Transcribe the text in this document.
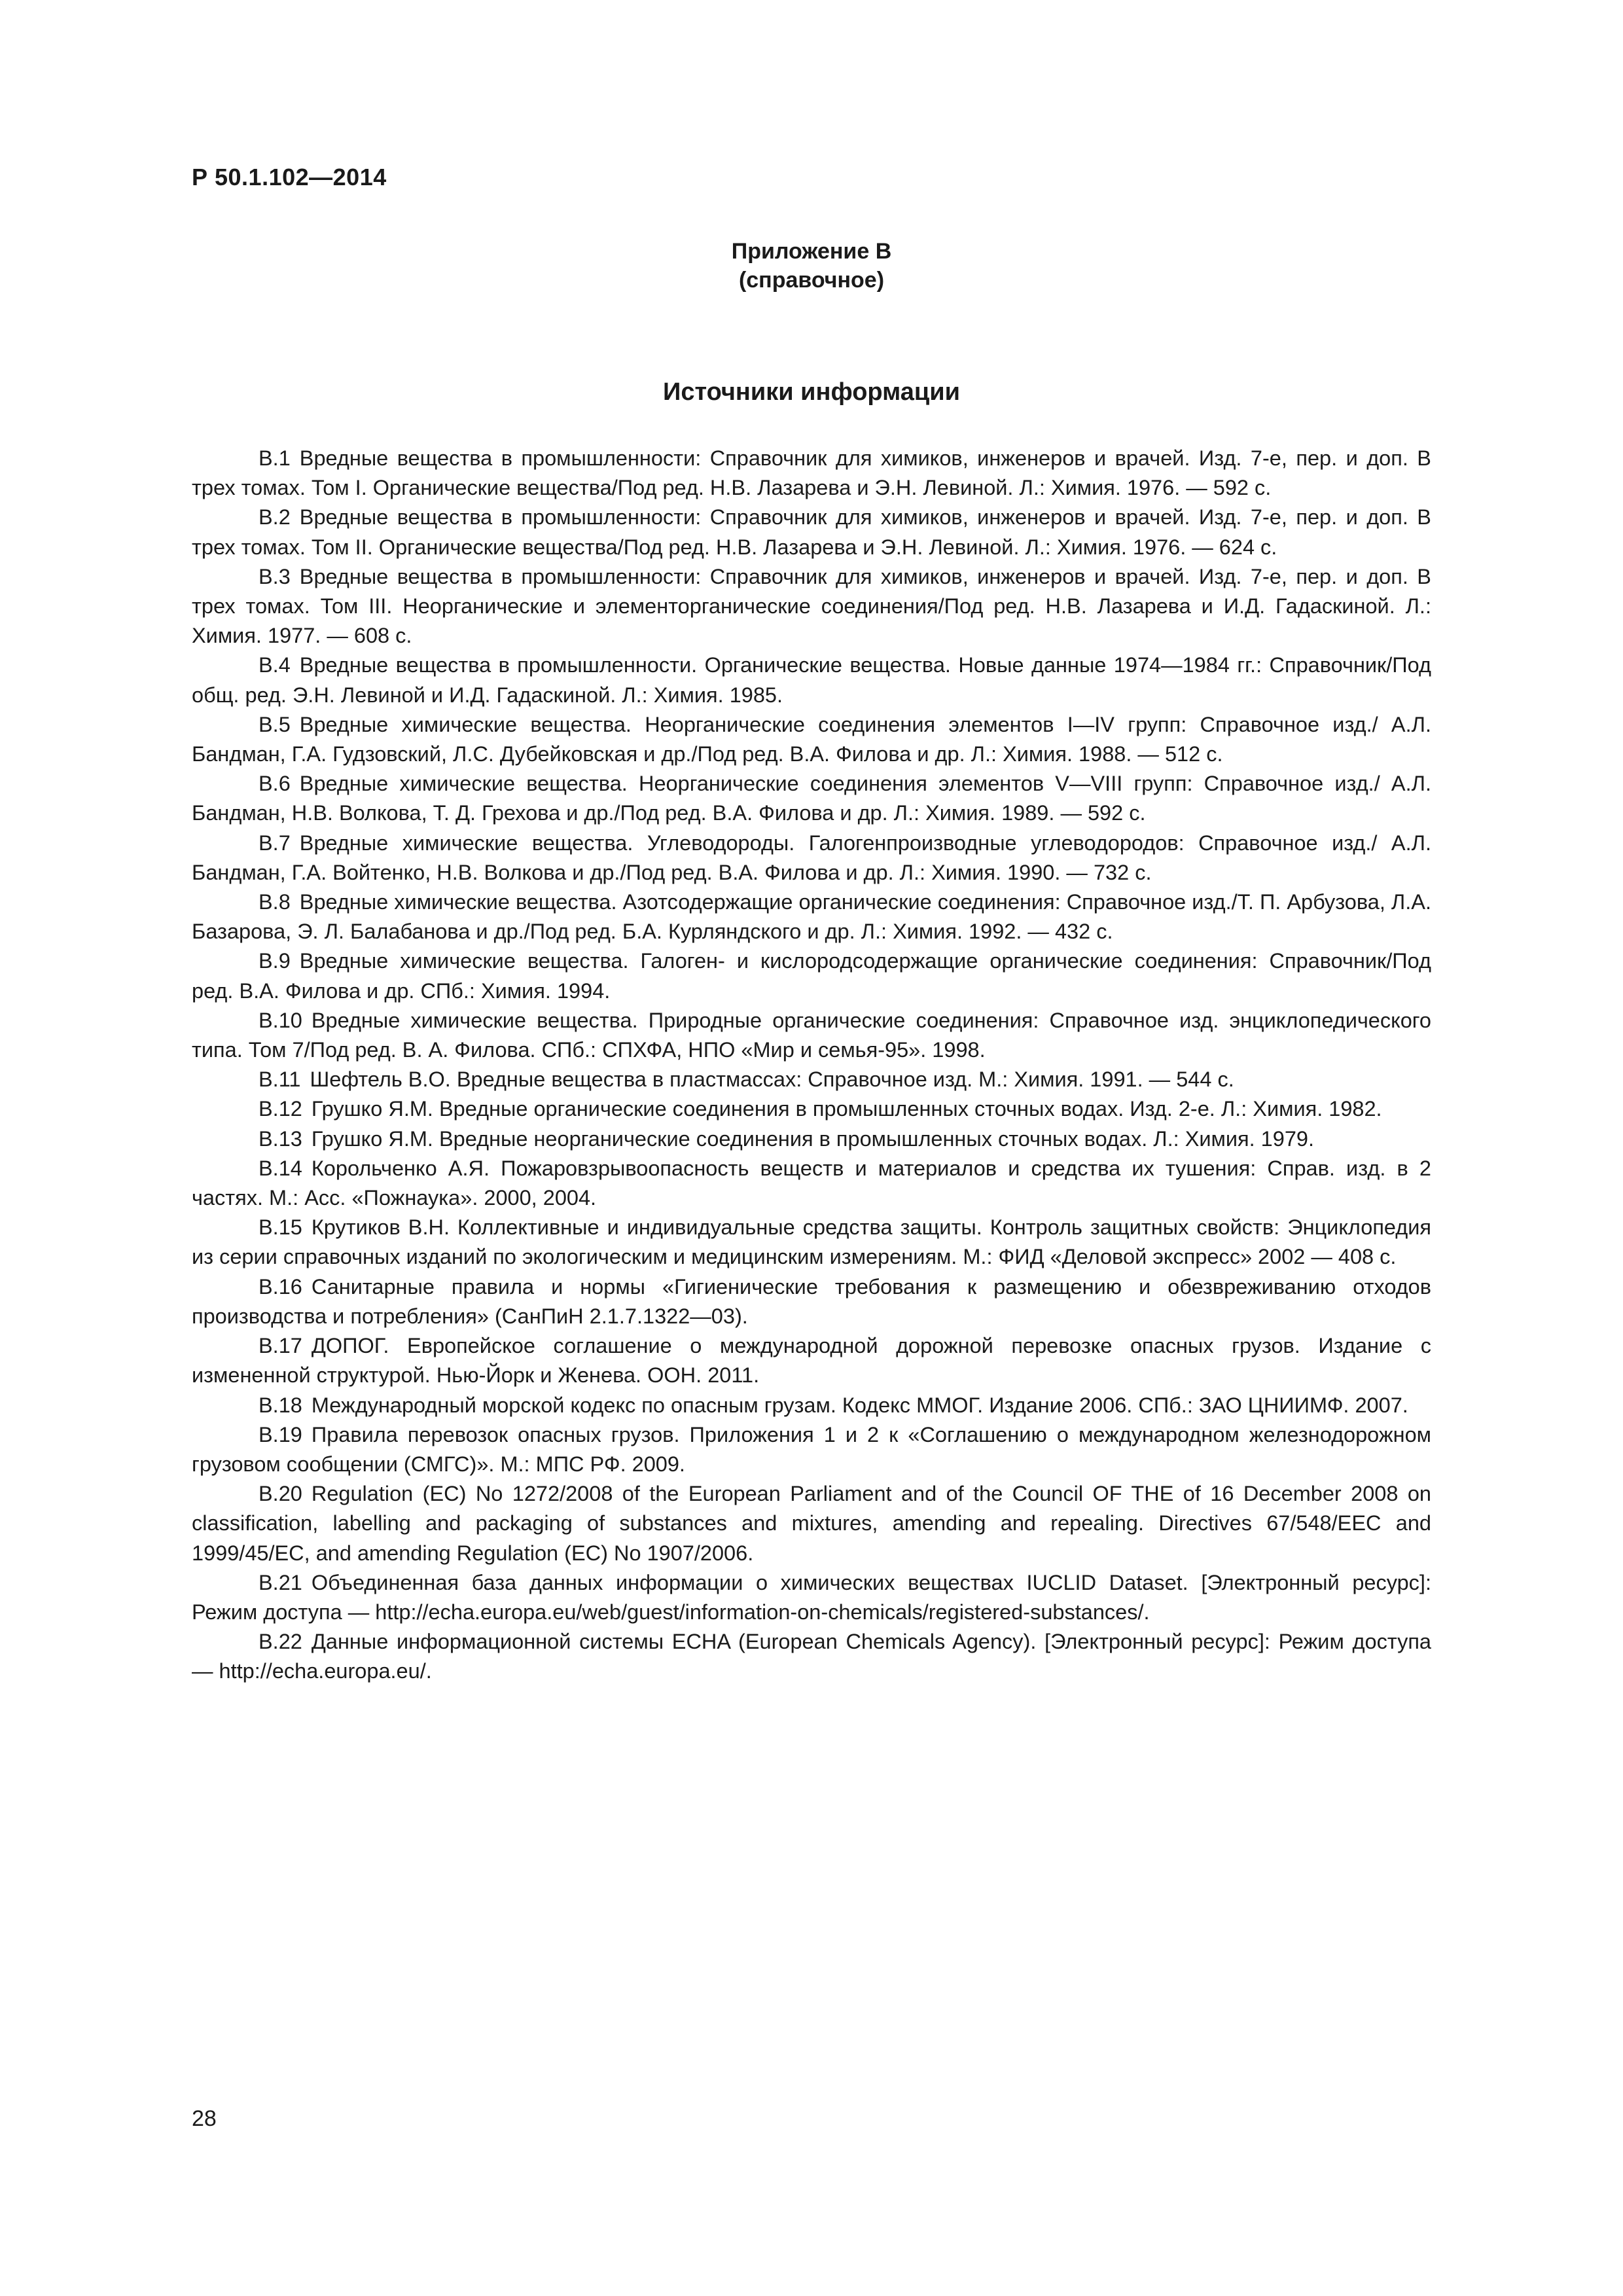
Р 50.1.102—2014
Приложение В
(справочное)
Источники информации
В.1 Вредные вещества в промышленности: Справочник для химиков, инженеров и врачей. Изд. 7-е, пер. и доп. В трех томах. Том I. Органические вещества/Под ред. Н.В. Лазарева и Э.Н. Левиной. Л.: Химия. 1976. — 592 с.
В.2 Вредные вещества в промышленности: Справочник для химиков, инженеров и врачей. Изд. 7-е, пер. и доп. В трех томах. Том II. Органические вещества/Под ред. Н.В. Лазарева и Э.Н. Левиной. Л.: Химия. 1976. — 624 с.
В.3 Вредные вещества в промышленности: Справочник для химиков, инженеров и врачей. Изд. 7-е, пер. и доп. В трех томах. Том III. Неорганические и элементорганические соединения/Под ред. Н.В. Лазарева и И.Д. Гадаскиной. Л.: Химия. 1977. — 608 с.
В.4 Вредные вещества в промышленности. Органические вещества. Новые данные 1974—1984 гг.: Справочник/Под общ. ред. Э.Н. Левиной и И.Д. Гадаскиной. Л.: Химия. 1985.
В.5 Вредные химические вещества. Неорганические соединения элементов I—IV групп: Справочное изд./ А.Л. Бандман, Г.А. Гудзовский, Л.С. Дубейковская и др./Под ред. В.А. Филова и др. Л.: Химия. 1988. — 512 с.
В.6 Вредные химические вещества. Неорганические соединения элементов V—VIII групп: Справочное изд./ А.Л. Бандман, Н.В. Волкова, Т. Д. Грехова и др./Под ред. В.А. Филова и др. Л.: Химия. 1989. — 592 с.
В.7 Вредные химические вещества. Углеводороды. Галогенпроизводные углеводородов: Справочное изд./ А.Л. Бандман, Г.А. Войтенко, Н.В. Волкова и др./Под ред. В.А. Филова и др. Л.: Химия. 1990. — 732 с.
В.8 Вредные химические вещества. Азотсодержащие органические соединения: Справочное изд./Т. П. Арбузова, Л.А. Базарова, Э. Л. Балабанова и др./Под ред. Б.А. Курляндского и др. Л.: Химия. 1992. — 432 с.
В.9 Вредные химические вещества. Галоген- и кислородсодержащие органические соединения: Справочник/Под ред. В.А. Филова и др. СПб.: Химия. 1994.
В.10 Вредные химические вещества. Природные органические соединения: Справочное изд. энциклопедического типа. Том 7/Под ред. В. А. Филова. СПб.: СПХФА, НПО «Мир и семья-95». 1998.
В.11 Шефтель В.О. Вредные вещества в пластмассах: Справочное изд. М.: Химия. 1991. — 544 с.
В.12 Грушко Я.М. Вредные органические соединения в промышленных сточных водах. Изд. 2-е. Л.: Химия. 1982.
В.13 Грушко Я.М. Вредные неорганические соединения в промышленных сточных водах. Л.: Химия. 1979.
В.14 Корольченко А.Я. Пожаровзрывоопасность веществ и материалов и средства их тушения: Справ. изд. в 2 частях. М.: Асс. «Пожнаука». 2000, 2004.
В.15 Крутиков В.Н. Коллективные и индивидуальные средства защиты. Контроль защитных свойств: Энциклопедия из серии справочных изданий по экологическим и медицинским измерениям. М.: ФИД «Деловой экспресс» 2002 — 408 с.
В.16 Санитарные правила и нормы «Гигиенические требования к размещению и обезвреживанию отходов производства и потребления» (СанПиН 2.1.7.1322—03).
В.17 ДОПОГ. Европейское соглашение о международной дорожной перевозке опасных грузов. Издание с измененной структурой. Нью-Йорк и Женева. ООН. 2011.
В.18 Международный морской кодекс по опасным грузам. Кодекс ММОГ. Издание 2006. СПб.: ЗАО ЦНИИМФ. 2007.
В.19 Правила перевозок опасных грузов. Приложения 1 и 2 к «Соглашению о международном железнодорожном грузовом сообщении (СМГС)». М.: МПС РФ. 2009.
В.20 Regulation (EC) No 1272/2008 of the European Parliament and of the Council OF THE of 16 December 2008 on classification, labelling and packaging of substances and mixtures, amending and repealing. Directives 67/548/EEC and 1999/45/EC, and amending Regulation (EC) No 1907/2006.
В.21 Объединенная база данных информации о химических веществах IUCLID Dataset. [Электронный ресурс]: Режим доступа — http://echa.europa.eu/web/guest/information-on-chemicals/registered-substances/.
В.22 Данные информационной системы ECHA (European Chemicals Agency). [Электронный ресурс]: Режим доступа — http://echa.europa.eu/.
28
